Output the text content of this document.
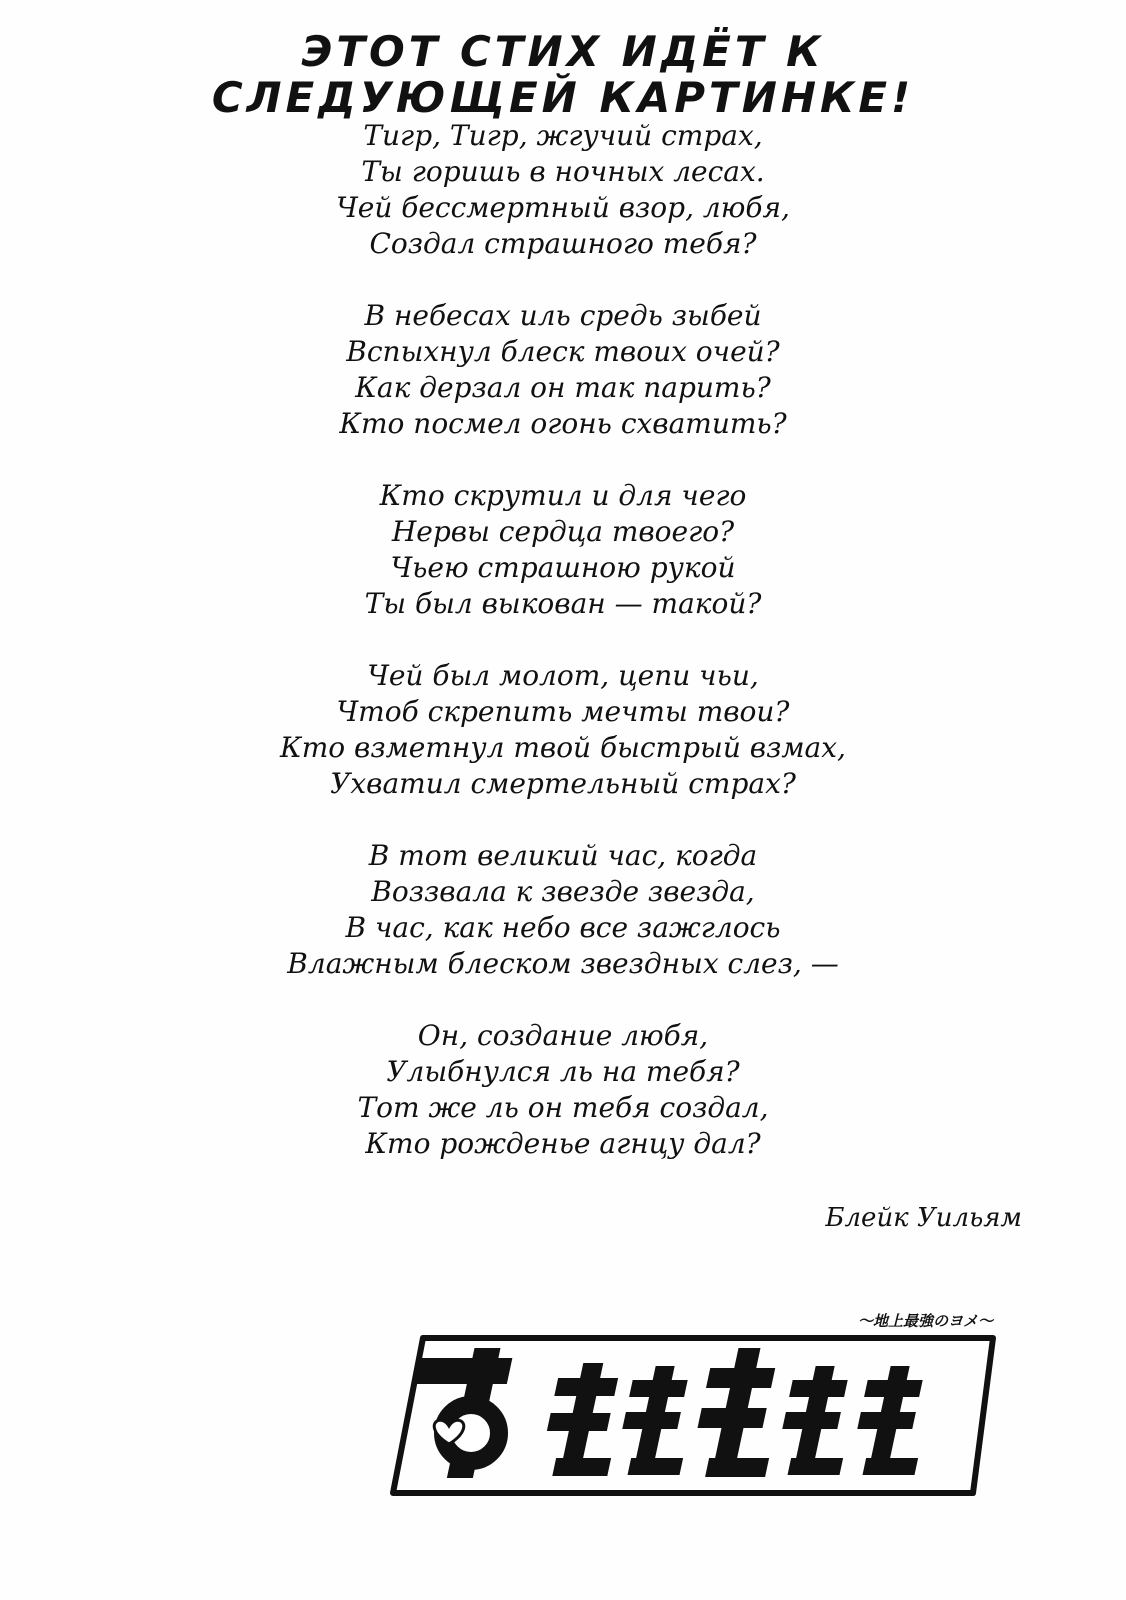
ЭТОТ СТИХ ИДЁТ К
СЛЕДУЮЩЕЙ КАРТИНКЕ!
Тигр, Тигр, жгучий страх,
Ты горишь в ночных лесах.
Чей бессмертный взор, любя,
Создал страшного тебя?
В небесах иль средь зыбей
Вспыхнул блеск твоих очей?
Как дерзал он так парить?
Кто посмел огонь схватить?
Кто скрутил и для чего
Нервы сердца твоего?
Чьею страшною рукой
Ты был выкован — такой?
Чей был молот, цепи чьи,
Чтоб скрепить мечты твои?
Кто взметнул твой быстрый взмах,
Ухватил смертельный страх?
В тот великий час, когда
Воззвала к звезде звезда,
В час, как небо все зажглось
Влажным блеском звездных слез, —
Он, создание любя,
Улыбнулся ль на тебя?
Тот же ль он тебя создал,
Кто рожденье агнцу дал?
Блейк Уильям
〜地上最強のヨメ〜
